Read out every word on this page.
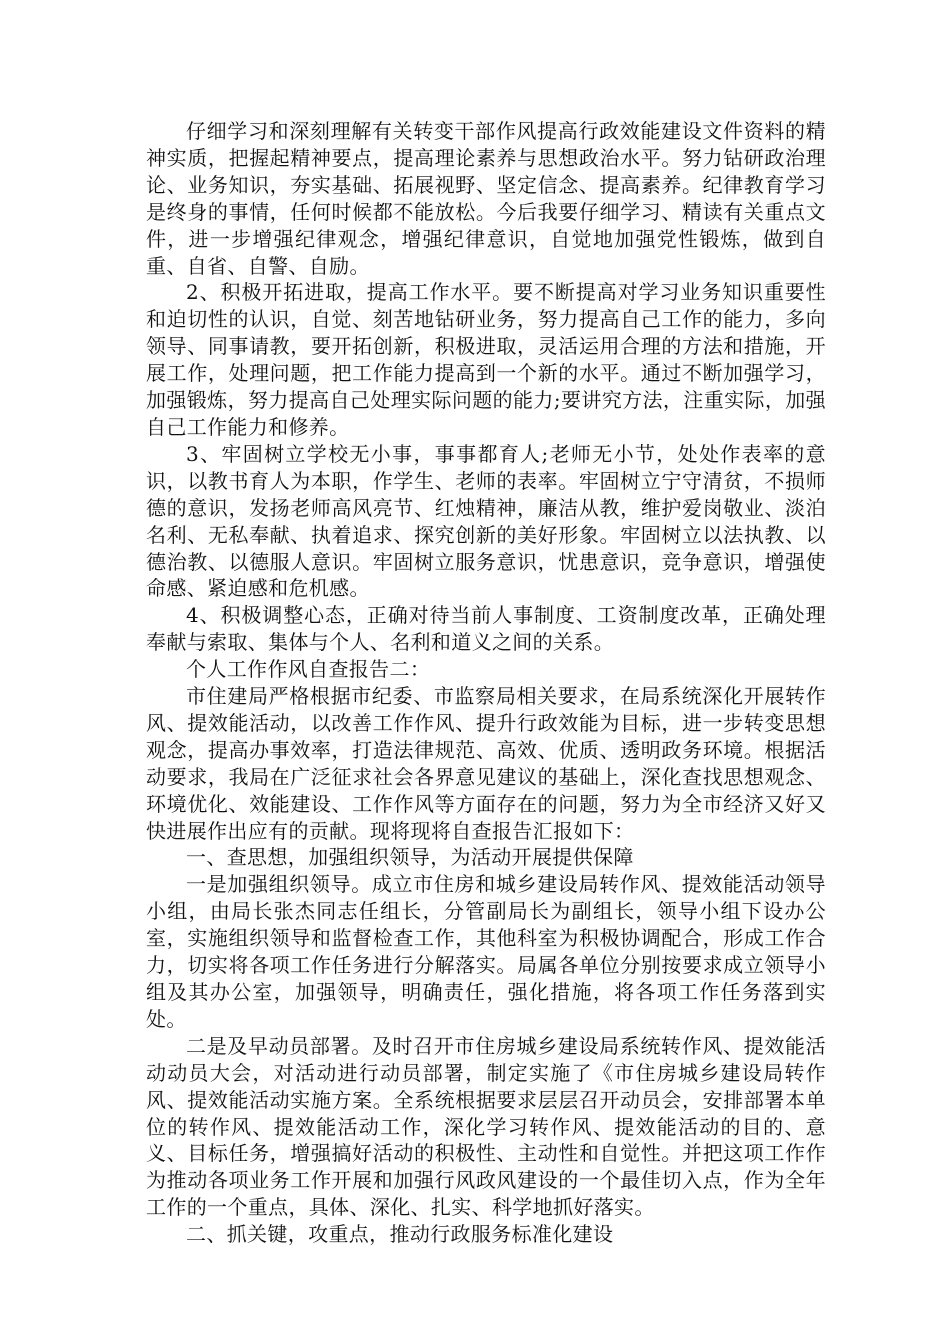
仔细学习和深刻理解有关转变干部作风提高行政效能建设文件资料的精神实质，把握起精神要点，提高理论素养与思想政治水平。努力钻研政治理论、业务知识，夯实基础、拓展视野、坚定信念、提高素养。纪律教育学习是终身的事情，任何时候都不能放松。今后我要仔细学习、精读有关重点文件，进一步增强纪律观念，增强纪律意识，自觉地加强党性锻炼，做到自重、自省、自警、自励。

2、积极开拓进取，提高工作水平。要不断提高对学习业务知识重要性和迫切性的认识，自觉、刻苦地钻研业务，努力提高自己工作的能力，多向领导、同事请教，要开拓创新，积极进取，灵活运用合理的方法和措施，开展工作，处理问题，把工作能力提高到一个新的水平。通过不断加强学习，加强锻炼，努力提高自己处理实际问题的能力;要讲究方法，注重实际，加强自己工作能力和修养。

3、牢固树立学校无小事，事事都育人;老师无小节，处处作表率的意识，以教书育人为本职，作学生、老师的表率。牢固树立宁守清贫，不损师德的意识，发扬老师高风亮节、红烛精神，廉洁从教，维护爱岗敬业、淡泊名利、无私奉献、执着追求、探究创新的美好形象。牢固树立以法执教、以德治教、以德服人意识。牢固树立服务意识，忧患意识，竞争意识，增强使命感、紧迫感和危机感。

4、积极调整心态，正确对待当前人事制度、工资制度改革，正确处理奉献与索取、集体与个人、名利和道义之间的关系。

个人工作作风自查报告二：

市住建局严格根据市纪委、市监察局相关要求，在局系统深化开展转作风、提效能活动，以改善工作作风、提升行政效能为目标，进一步转变思想观念，提高办事效率，打造法律规范、高效、优质、透明政务环境。根据活动要求，我局在广泛征求社会各界意见建议的基础上，深化查找思想观念、环境优化、效能建设、工作作风等方面存在的问题，努力为全市经济又好又快进展作出应有的贡献。现将现将自查报告汇报如下：

一、查思想，加强组织领导，为活动开展提供保障

一是加强组织领导。成立市住房和城乡建设局转作风、提效能活动领导小组，由局长张杰同志任组长，分管副局长为副组长，领导小组下设办公室，实施组织领导和监督检查工作，其他科室为积极协调配合，形成工作合力，切实将各项工作任务进行分解落实。局属各单位分别按要求成立领导小组及其办公室，加强领导，明确责任，强化措施，将各项工作任务落到实处。

二是及早动员部署。及时召开市住房城乡建设局系统转作风、提效能活动动员大会，对活动进行动员部署，制定实施了《市住房城乡建设局转作风、提效能活动实施方案。全系统根据要求层层召开动员会，安排部署本单位的转作风、提效能活动工作，深化学习转作风、提效能活动的目的、意义、目标任务，增强搞好活动的积极性、主动性和自觉性。并把这项工作作为推动各项业务工作开展和加强行风政风建设的一个最佳切入点，作为全年工作的一个重点，具体、深化、扎实、科学地抓好落实。

二、抓关键，攻重点，推动行政服务标准化建设
